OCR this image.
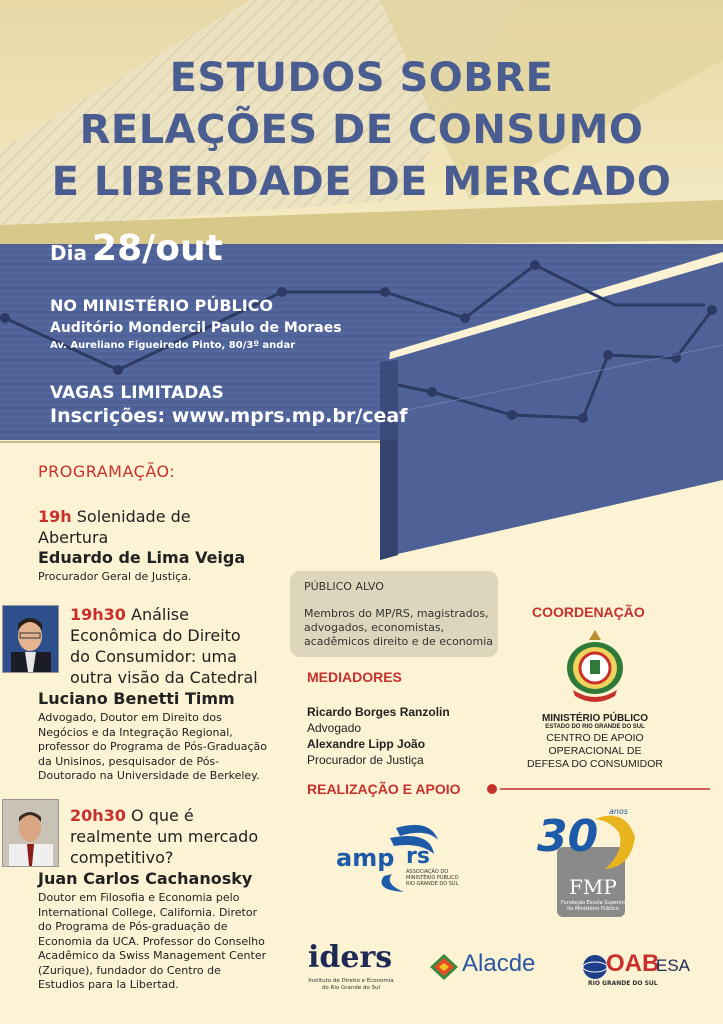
ESTUDOS SOBRE
RELAÇÕES DE CONSUMO
E LIBERDADE DE MERCADO
Dia 28/out
NO MINISTÉRIO PÚBLICO
Auditório Mondercil Paulo de Moraes
Av. Aureliano Figueiredo Pinto, 80/3º andar
VAGAS LIMITADAS
Inscrições: www.mprs.mp.br/ceaf
PROGRAMAÇÃO:
19h Solenidade de
Abertura
Eduardo de Lima Veiga
Procurador Geral de Justiça.
19h30 Análise
Econômica do Direito
do Consumidor: uma
outra visão da Catedral
Luciano Benetti Timm
Advogado, Doutor em Direito dos
Negócios e da Integração Regional,
professor do Programa de Pós-Graduação
da Unisinos, pesquisador de Pós-
Doutorado na Universidade de Berkeley.
20h30 O que é
realmente um mercado
competitivo?
Juan Carlos Cachanosky
Doutor em Filosofia e Economia pelo
International College, California. Diretor
do Programa de Pós-graduação de
Economia da UCA. Professor do Conselho
Acadêmico da Swiss Management Center
(Zurique), fundador do Centro de
Estudios para la Libertad.
PÚBLICO ALVO
Membros do MP/RS, magistrados,
advogados, economistas,
acadêmicos direito e de economia
MEDIADORES
Ricardo Borges Ranzolin
Advogado
Alexandre Lipp João
Procurador de Justiça
COORDENAÇÃO
MINISTÉRIO PÚBLICO
ESTADO DO RIO GRANDE DO SUL
CENTRO DE APOIO
OPERACIONAL DE
DEFESA DO CONSUMIDOR
REALIZAÇÃO E APOIO
amp rs
ASSOCIAÇÃO DO
MINISTÉRIO PÚBLICO
RIO GRANDE DO SUL
30 anos
FMP
Fundação Escola Superior
do Ministério Público
iders
Instituto de Direito e Economia
do Rio Grande do Sul
Alacde	OAB
ESA
RIO GRANDE DO SUL
